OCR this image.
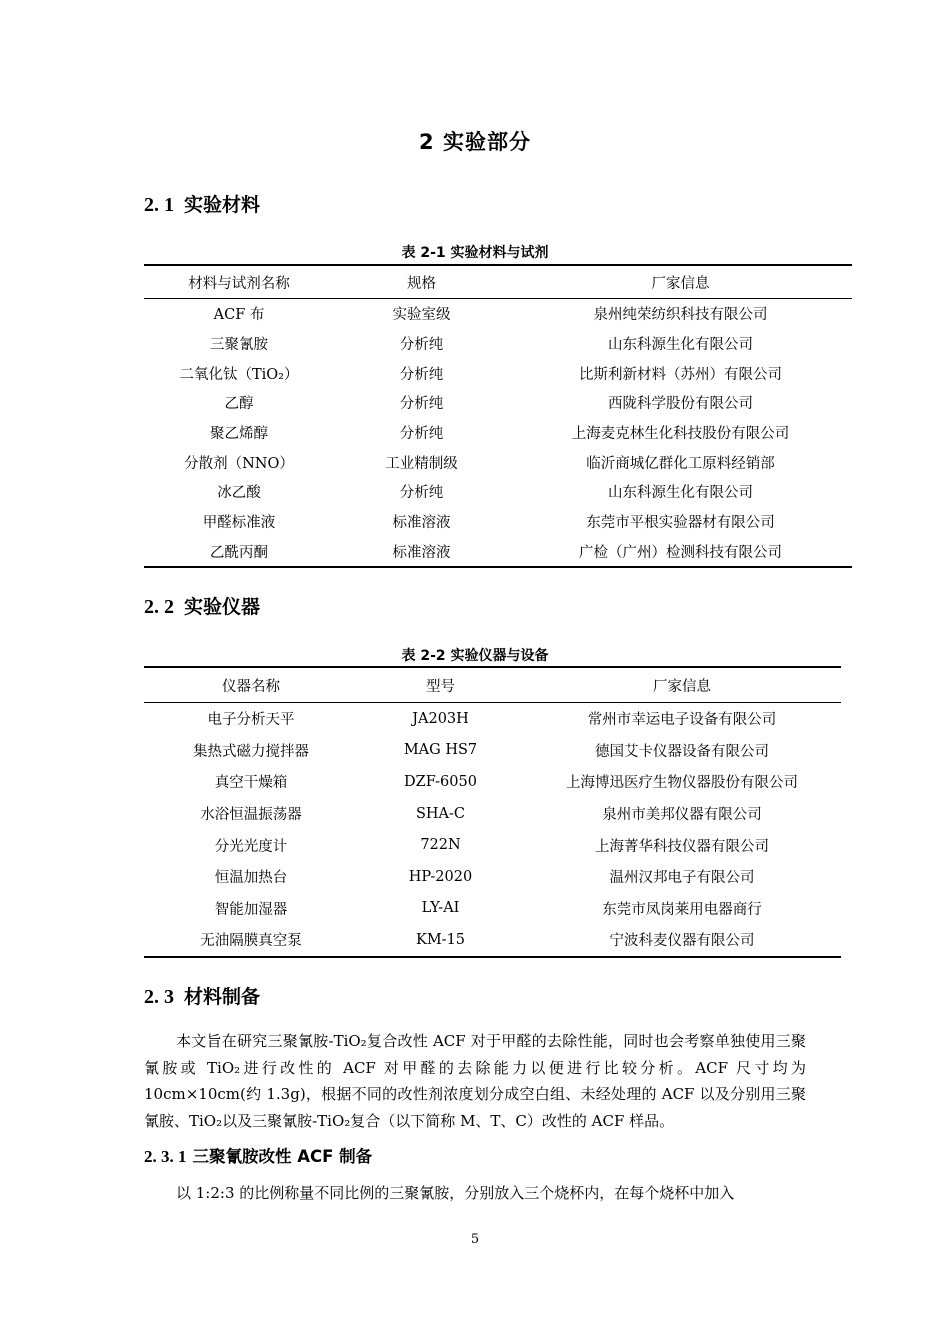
2 实验部分
2. 1 实验材料
表 2-1 实验材料与试剂
材料与试剂名称	规格	厂家信息
ACF 布	实验室级	泉州纯荣纺织科技有限公司
三聚氰胺	分析纯	山东科源生化有限公司
二氧化钛（TiO₂）	分析纯	比斯利新材料（苏州）有限公司
乙醇	分析纯	西陇科学股份有限公司
聚乙烯醇	分析纯	上海麦克林生化科技股份有限公司
分散剂（NNO）	工业精制级	临沂商城亿群化工原料经销部
冰乙酸	分析纯	山东科源生化有限公司
甲醛标准液	标准溶液	东莞市平根实验器材有限公司
乙酰丙酮	标准溶液	广检（广州）检测科技有限公司
2. 2 实验仪器
表 2-2 实验仪器与设备
仪器名称	型号	厂家信息
电子分析天平	JA203H	常州市幸运电子设备有限公司
集热式磁力搅拌器	MAG HS7	德国艾卡仪器设备有限公司
真空干燥箱	DZF-6050	上海博迅医疗生物仪器股份有限公司
水浴恒温振荡器	SHA-C	泉州市美邦仪器有限公司
分光光度计	722N	上海菁华科技仪器有限公司
恒温加热台	HP-2020	温州汉邦电子有限公司
智能加湿器	LY-AI	东莞市凤岗莱用电器商行
无油隔膜真空泵	KM-15	宁波科麦仪器有限公司
2. 3 材料制备

本文旨在研究三聚氰胺-TiO₂复合改性 ACF 对于甲醛的去除性能，同时也会考察单独使用三聚氰胺或 TiO₂进行改性的 ACF 对甲醛的去除能力以便进行比较分析。ACF 尺寸均为 10cm×10cm(约 1.3g)，根据不同的改性剂浓度划分成空白组、未经处理的 ACF 以及分别用三聚氰胺、TiO₂以及三聚氰胺-TiO₂复合（以下简称 M、T、C）改性的 ACF 样品。

2. 3. 1 三聚氰胺改性 ACF 制备

以 1:2:3 的比例称量不同比例的三聚氰胺，分别放入三个烧杯内，在每个烧杯中加入

5
